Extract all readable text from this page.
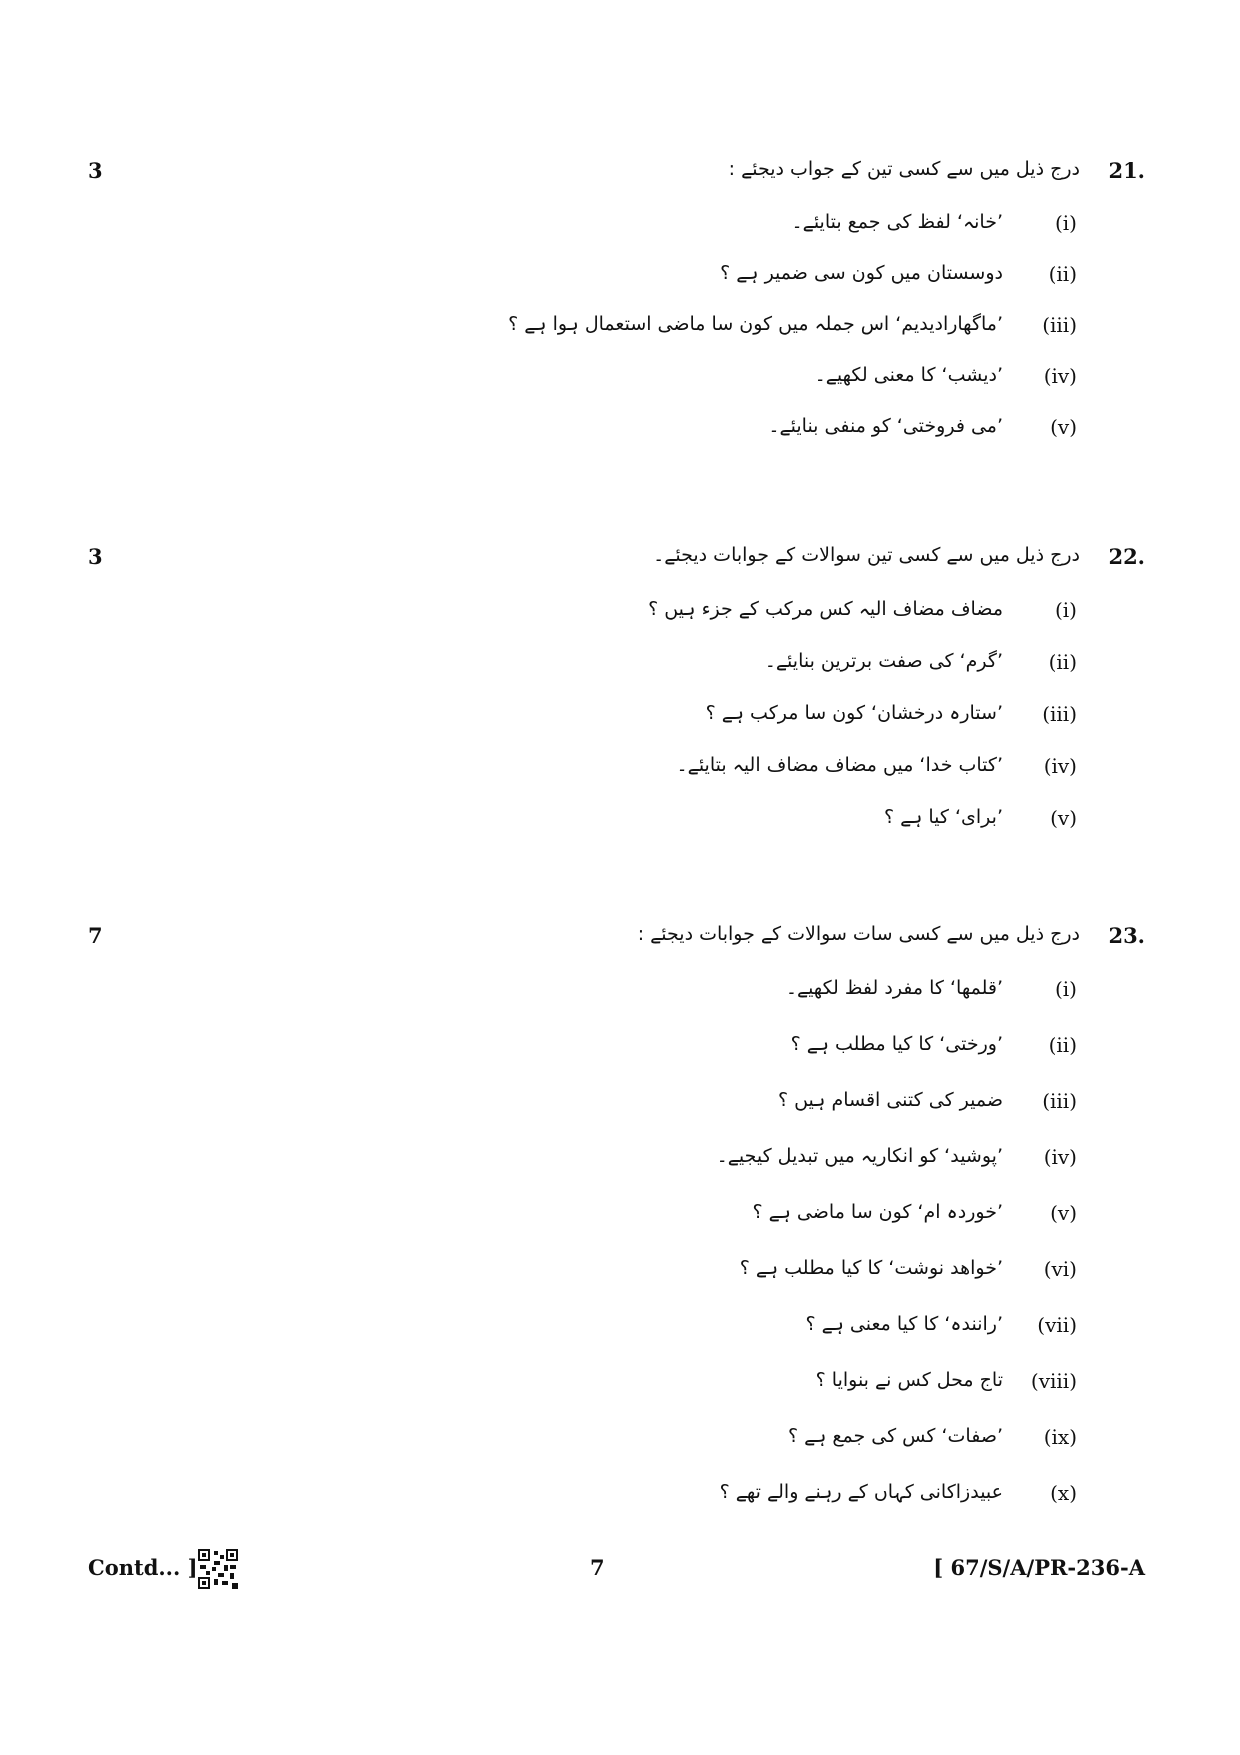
3	21.
درج ذیل میں سے کسی تین کے جواب دیجئے :
(i)
’خانہ‘ لفظ کی جمع بتایئے۔
(ii)
دوسستان میں کون سی ضمیر ہے ؟
(iii)
’ماگھارادیدیم‘ اس جملہ میں کون سا ماضی استعمال ہوا ہے ؟
(iv)
’دیشب‘ کا معنی لکھیے۔
(v)
’می فروختی‘ کو منفی بنایئے۔
3	22.
درج ذیل میں سے کسی تین سوالات کے جوابات دیجئے۔
(i)
مضاف مضاف الیہ کس مرکب کے جزء ہیں ؟
(ii)
’گرم‘ کی صفت برترین بنایئے۔
(iii)
’ستارہ درخشان‘ کون سا مرکب ہے ؟
(iv)
’کتاب خدا‘ میں مضاف مضاف الیہ بتایئے۔
(v)
’برای‘ کیا ہے ؟
7	23.
درج ذیل میں سے کسی سات سوالات کے جوابات دیجئے :
(i)
’قلمھا‘ کا مفرد لفظ لکھیے۔
(ii)
’ورختی‘ کا کیا مطلب ہے ؟
(iii)
ضمیر کی کتنی اقسام ہیں ؟
(iv)
’پوشید‘ کو انکاریہ میں تبدیل کیجیے۔
(v)
’خوردہ ام‘ کون سا ماضی ہے ؟
(vi)
’خواھد نوشت‘ کا کیا مطلب ہے ؟
(vii)
’رانندہ‘ کا کیا معنی ہے ؟
(viii)
تاج محل کس نے بنوایا ؟
(ix)
’صفات‘ کس کی جمع ہے ؟
(x)
عبیدزاکانی کہاں کے رہنے والے تھے ؟
Contd... ]	7	[ 67/S/A/PR-236-A
